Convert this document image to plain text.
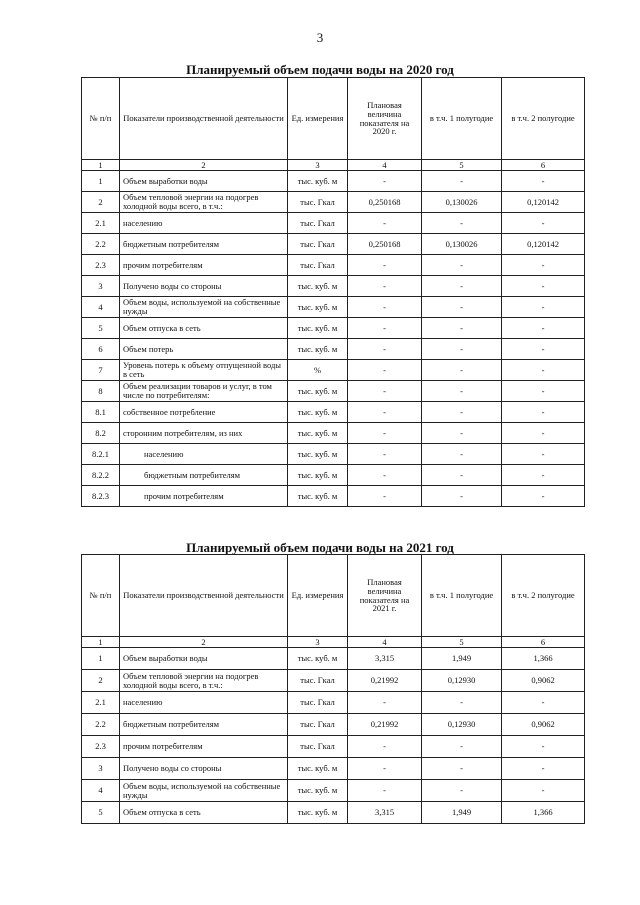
3
Планируемый объем подачи воды на 2020 год
№ п/п	Показатели производственной деятельности	Ед. измерения	Плановая величина показателя на 2020 г.	в т.ч. 1 полугодие	в т.ч. 2 полугодие
1	2	3	4	5	6
1	Объем выработки воды	тыс. куб. м	-	-	-
2	Объем тепловой энергии на подогрев холодной воды всего, в т.ч.:	тыс. Гкал	0,250168	0,130026	0,120142
2.1	населению	тыс. Гкал	-	-	-
2.2	бюджетным потребителям	тыс. Гкал	0,250168	0,130026	0,120142
2.3	прочим потребителям	тыс. Гкал	-	-	-
3	Получено воды со стороны	тыс. куб. м	-	-	-
4	Объем воды, используемой на собственные нужды	тыс. куб. м	-	-	-
5	Объем отпуска в сеть	тыс. куб. м	-	-	-
6	Объем потерь	тыс. куб. м	-	-	-
7	Уровень потерь к объему отпущенной воды в сеть	%	-	-	-
8	Объем реализации товаров и услуг, в том числе по потребителям:	тыс. куб. м	-	-	-
8.1	собственное потребление	тыс. куб. м	-	-	-
8.2	сторонним потребителям, из них	тыс. куб. м	-	-	-
8.2.1	населению	тыс. куб. м	-	-	-
8.2.2	бюджетным потребителям	тыс. куб. м	-	-	-
8.2.3	прочим потребителям	тыс. куб. м	-	-	-
Планируемый объем подачи воды на 2021 год
№ п/п	Показатели производственной деятельности	Ед. измерения	Плановая величина показателя на 2021 г.	в т.ч. 1 полугодие	в т.ч. 2 полугодие
1	2	3	4	5	6
1	Объем выработки воды	тыс. куб. м	3,315	1,949	1,366
2	Объем тепловой энергии на подогрев холодной воды всего, в т.ч.:	тыс. Гкал	0,21992	0,12930	0,9062
2.1	населению	тыс. Гкал	-	-	-
2.2	бюджетным потребителям	тыс. Гкал	0,21992	0,12930	0,9062
2.3	прочим потребителям	тыс. Гкал	-	-	-
3	Получено воды со стороны	тыс. куб. м	-	-	-
4	Объем воды, используемой на собственные нужды	тыс. куб. м	-	-	-
5	Объем отпуска в сеть	тыс. куб. м	3,315	1,949	1,366
